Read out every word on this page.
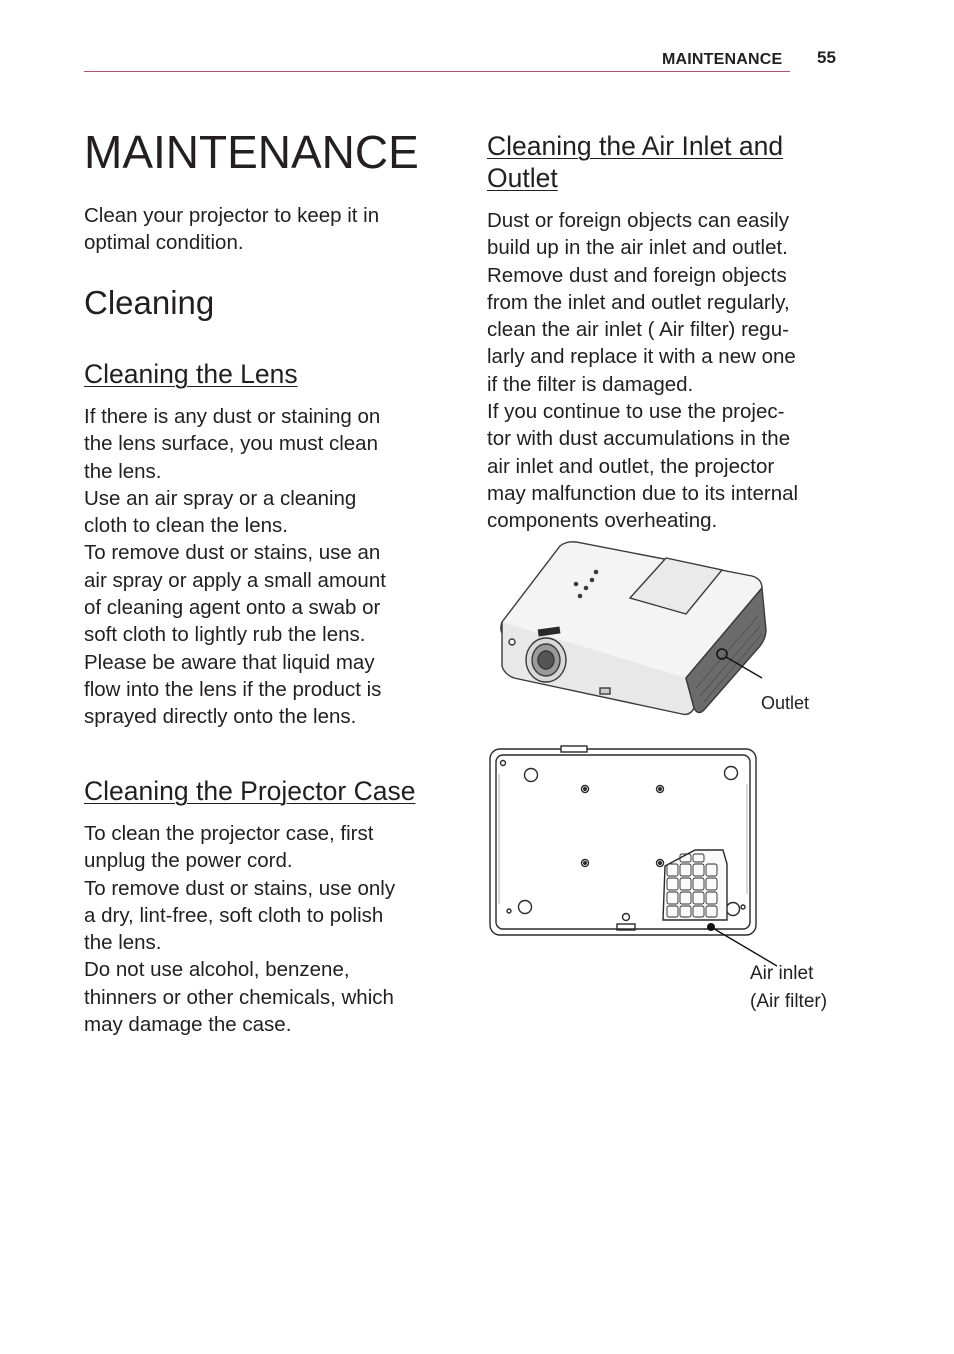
MAINTENANCE 55
MAINTENANCE
Clean your projector to keep it in
optimal condition.
Cleaning
Cleaning the Lens
If there is any dust or staining on
the lens surface, you must clean
the lens.
Use an air spray or a cleaning
cloth to clean the lens.
To remove dust or stains, use an
air spray or apply a small amount
of cleaning agent onto a swab or
soft cloth to lightly rub the lens.
Please be aware that liquid may
flow into the lens if the product is
sprayed directly onto the lens.
Cleaning the Projector Case
To clean the projector case, first
unplug the power cord.
To remove dust or stains, use only
a dry, lint-free, soft cloth to polish
the lens.
Do not use alcohol, benzene,
thinners or other chemicals, which
may damage the case.
Cleaning the Air Inlet and
Outlet
Dust or foreign objects can easily
build up in the air inlet and outlet.
Remove dust and foreign objects
from the inlet and outlet regularly,
clean the air inlet ( Air filter) regu-
larly and replace it with a new one
if the filter is damaged.
If you continue to use the projec-
tor with dust accumulations in the
air inlet and outlet, the projector
may malfunction due to its internal
components overheating.
Outlet
Air inlet
(Air filter)
